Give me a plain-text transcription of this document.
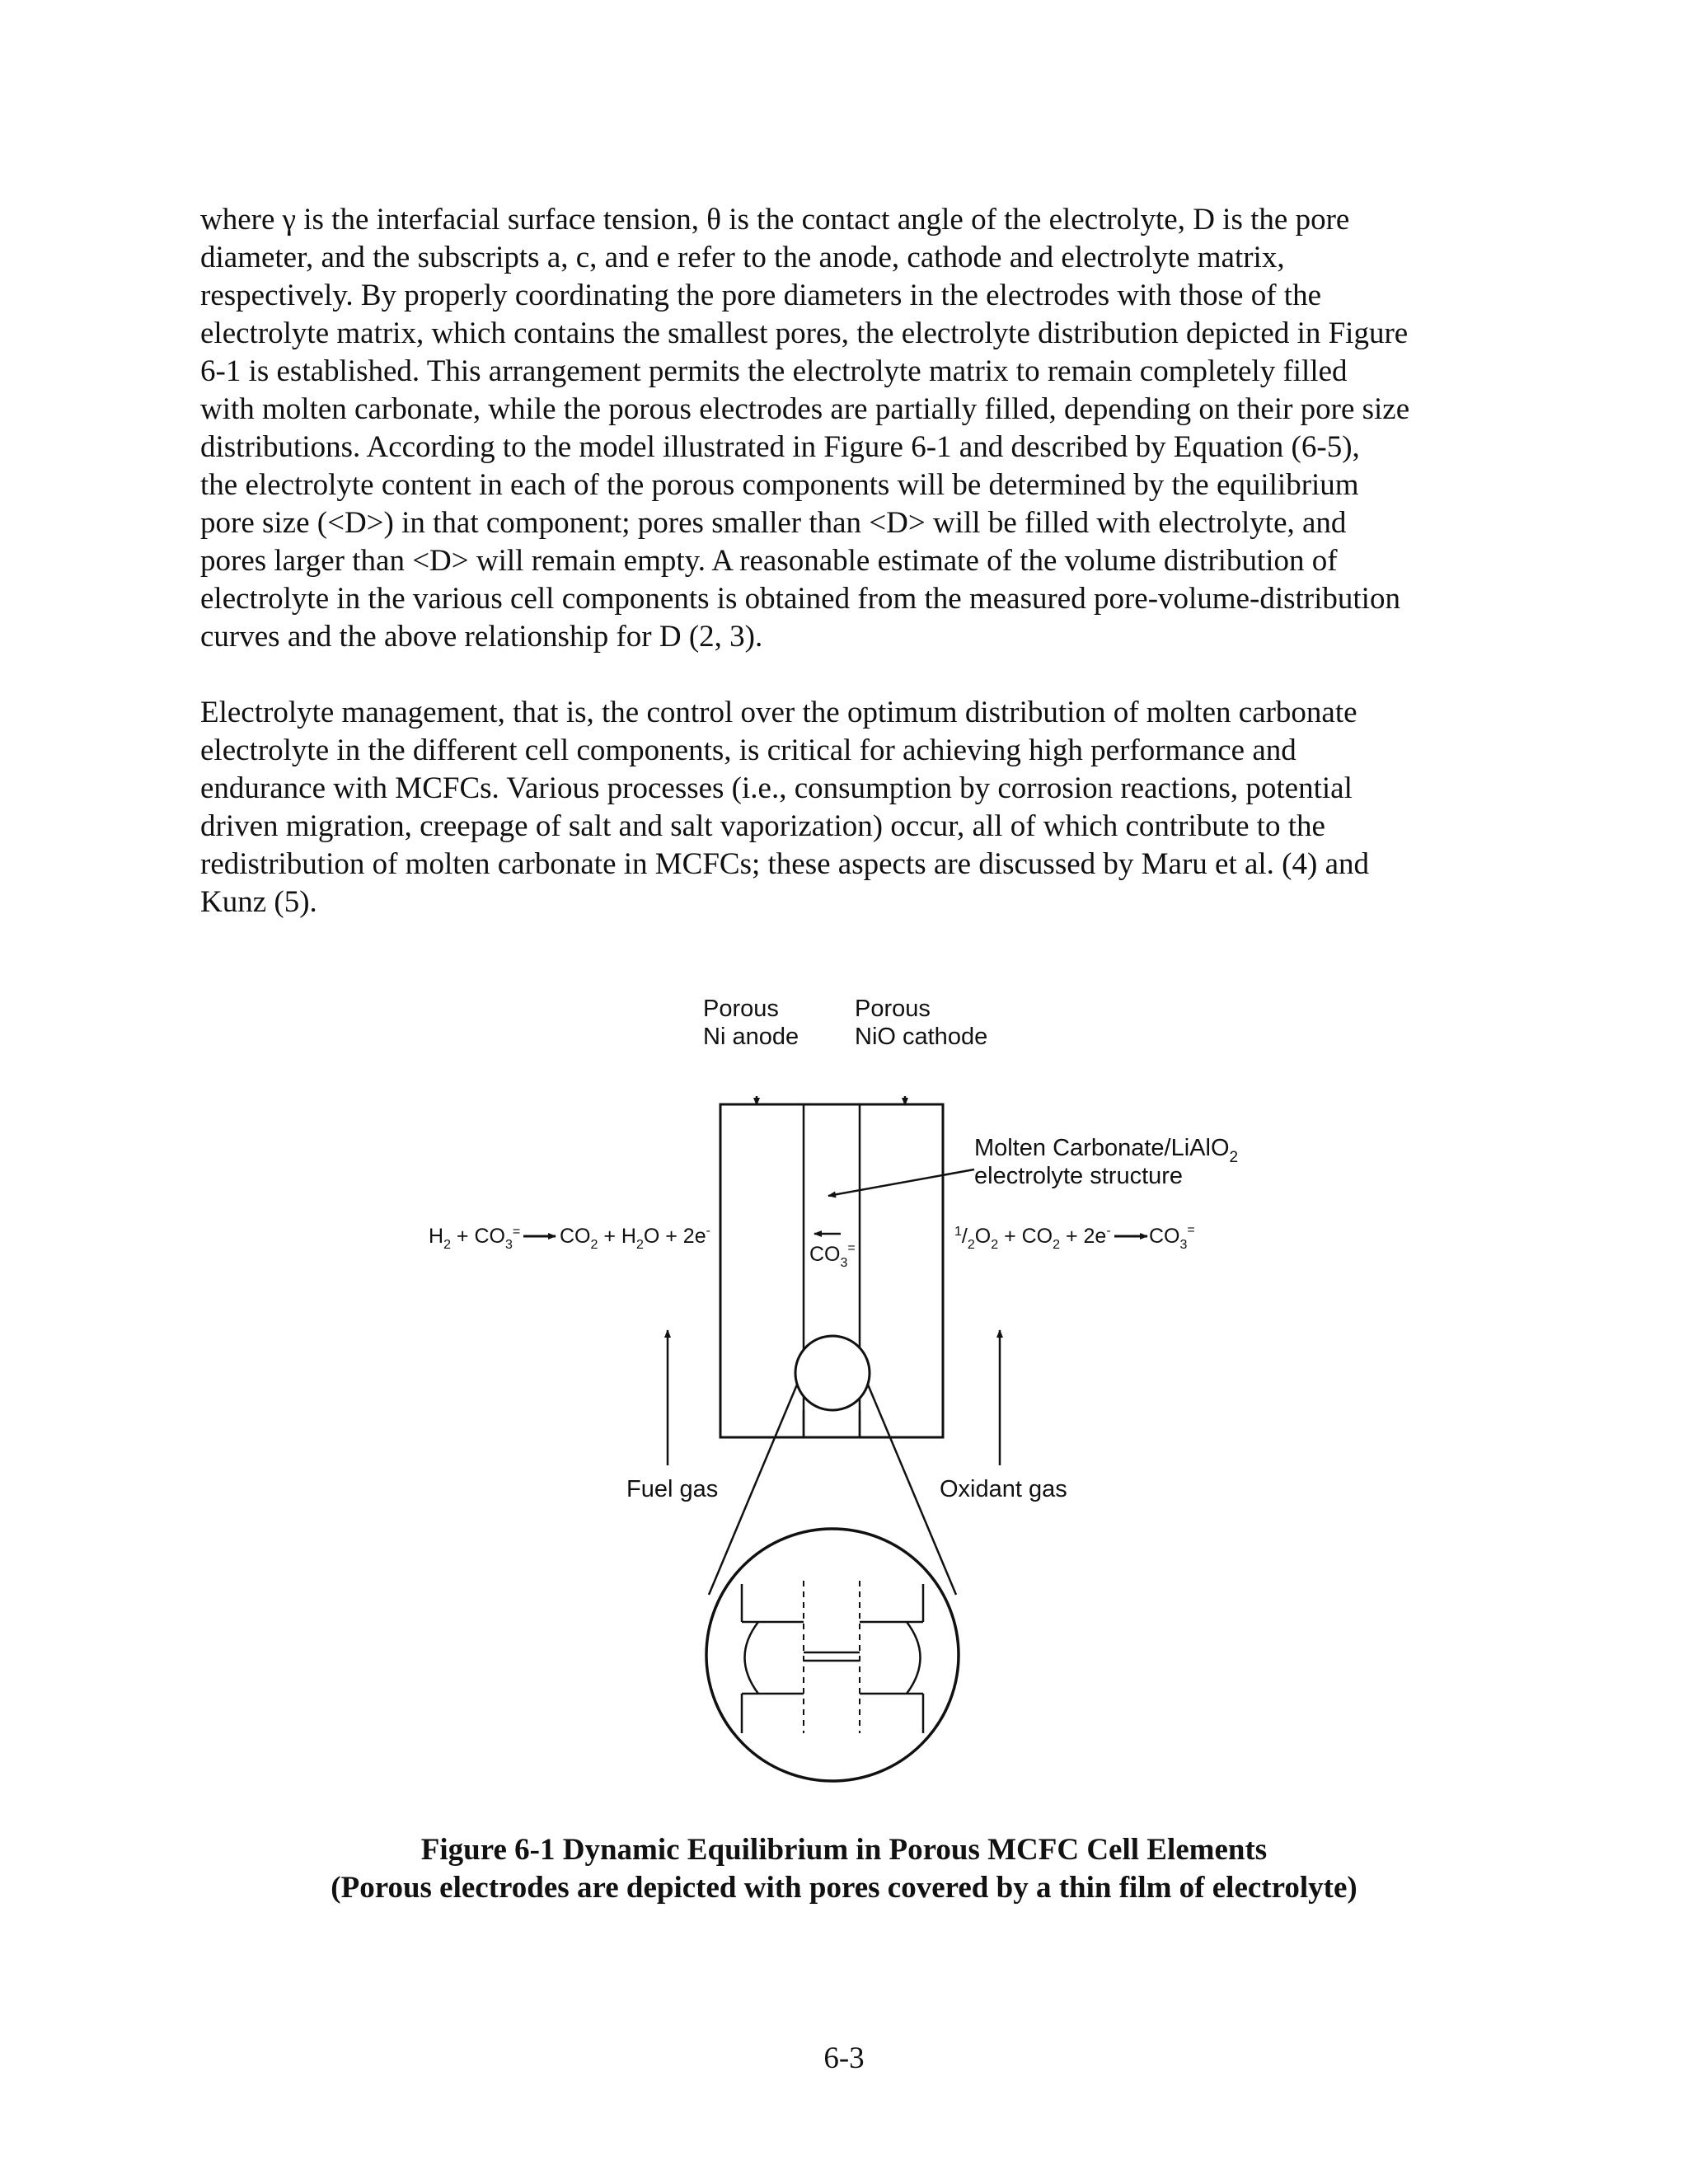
where γ is the interfacial surface tension, θ is the contact angle of the electrolyte, D is the pore
diameter, and the subscripts a, c, and e refer to the anode, cathode and electrolyte matrix,
respectively. By properly coordinating the pore diameters in the electrodes with those of the
electrolyte matrix, which contains the smallest pores, the electrolyte distribution depicted in Figure
6-1 is established. This arrangement permits the electrolyte matrix to remain completely filled
with molten carbonate, while the porous electrodes are partially filled, depending on their pore size
distributions. According to the model illustrated in Figure 6-1 and described by Equation (6-5),
the electrolyte content in each of the porous components will be determined by the equilibrium
pore size (<D>) in that component; pores smaller than <D> will be filled with electrolyte, and
pores larger than <D> will remain empty. A reasonable estimate of the volume distribution of
electrolyte in the various cell components is obtained from the measured pore-volume-distribution
curves and the above relationship for D (2, 3).

Electrolyte management, that is, the control over the optimum distribution of molten carbonate
electrolyte in the different cell components, is critical for achieving high performance and
endurance with MCFCs. Various processes (i.e., consumption by corrosion reactions, potential
driven migration, creepage of salt and salt vaporization) occur, all of which contribute to the
redistribution of molten carbonate in MCFCs; these aspects are discussed by Maru et al. (4) and
Kunz (5).

Porous
Ni anode
Porous
NiO cathode
Molten Carbonate/LiAlO$_2$
electrolyte structure
$H_2 + CO_3^=$ $CO_2 + H_2O + 2e^-$
$CO_3^=$
$^1/_2O_2 + CO_2 + 2e^-$ $CO_3^=$
Fuel gas	Oxidant gas

Figure 6-1 Dynamic Equilibrium in Porous MCFC Cell Elements

(Porous electrodes are depicted with pores covered by a thin film of electrolyte)

6-3
